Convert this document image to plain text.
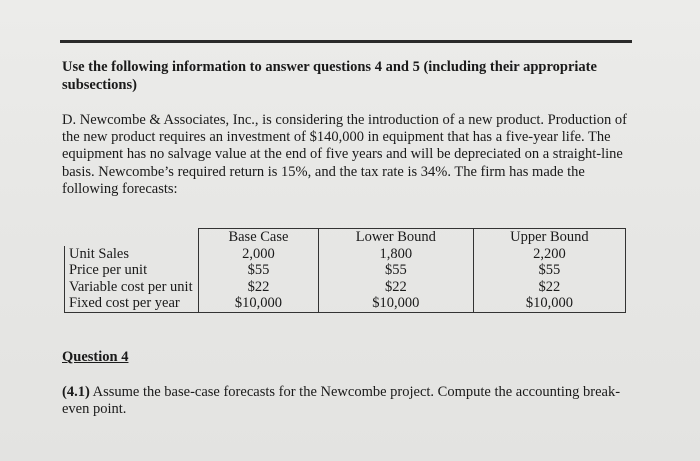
Use the following information to answer questions 4 and 5 (including their appropriate subsections)
D. Newcombe & Associates, Inc., is considering the introduction of a new product. Production of the new product requires an investment of $140,000 in equipment that has a five-year life. The equipment has no salvage value at the end of five years and will be depreciated on a straight-line basis. Newcombe’s required return is 15%, and the tax rate is 34%. The firm has made the following forecasts:
	Base Case	Lower Bound	Upper Bound
Unit Sales	2,000	1,800	2,200
Price per unit	$55	$55	$55
Variable cost per unit	$22	$22	$22
Fixed cost per year	$10,000	$10,000	$10,000
Question 4
(4.1) Assume the base-case forecasts for the Newcombe project. Compute the accounting break-even point.
